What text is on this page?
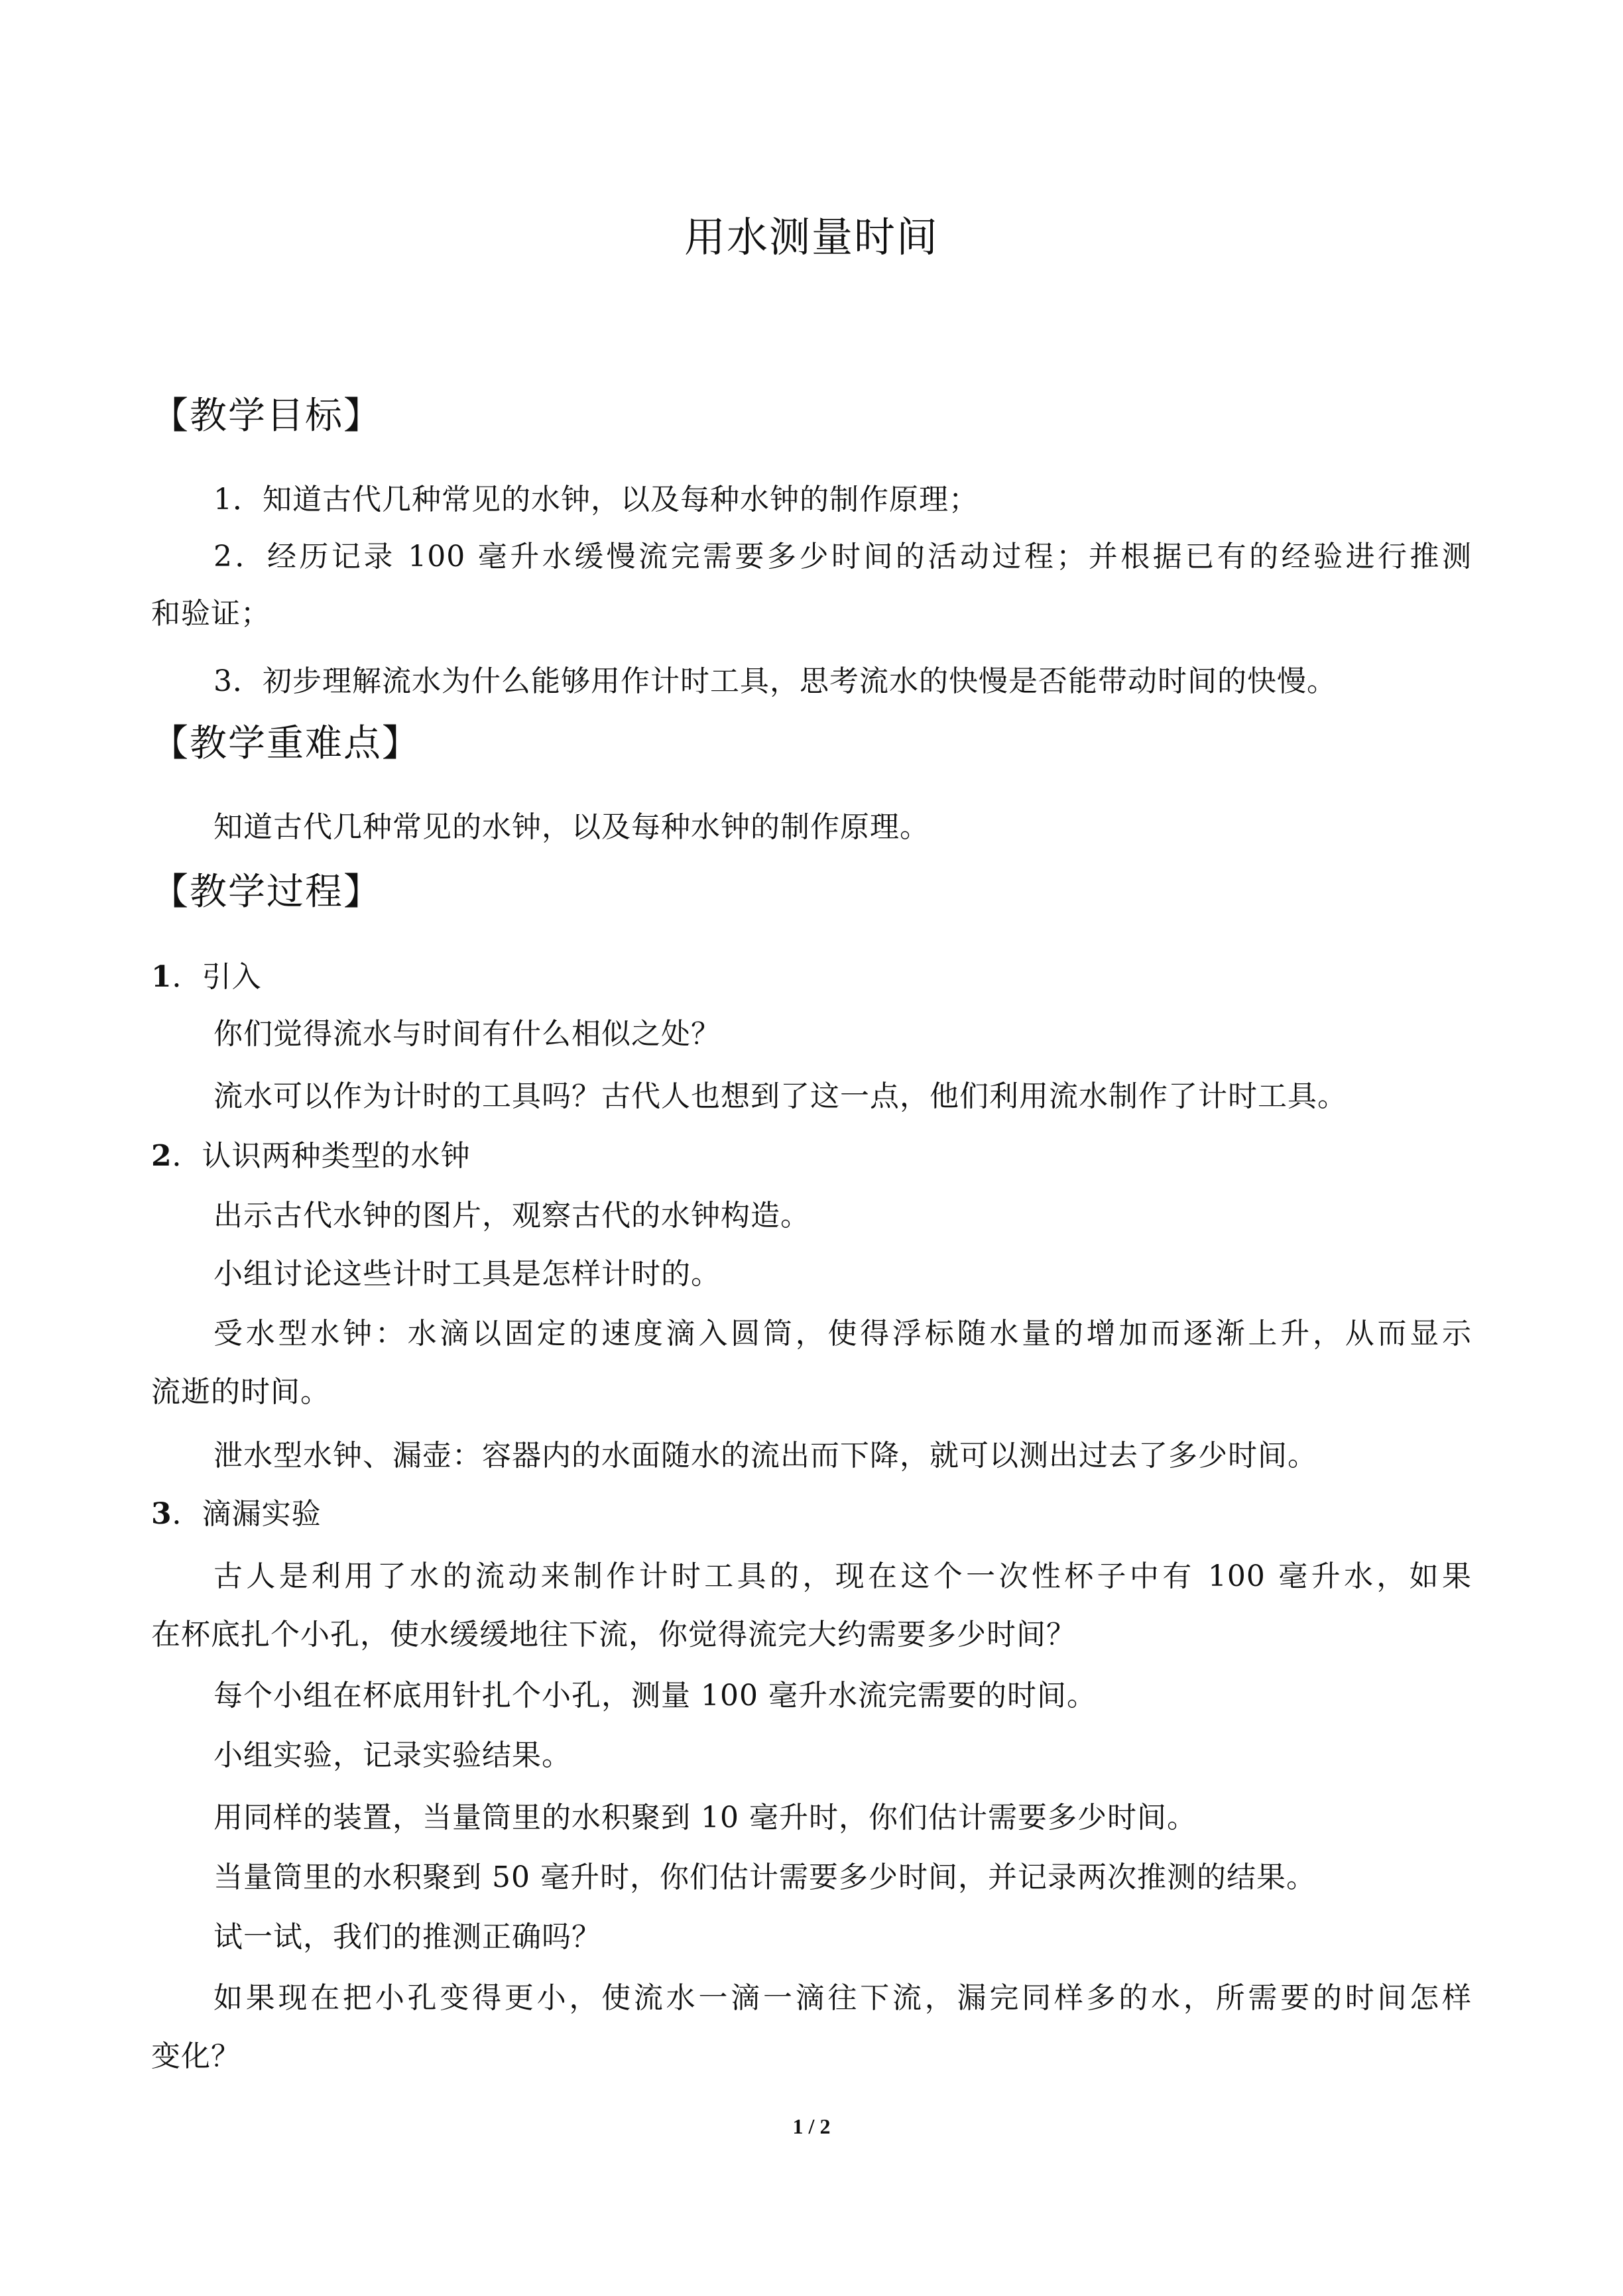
用水测量时间
【教学目标】
1．知道古代几种常见的水钟，以及每种水钟的制作原理；
2．经历记录 100 毫升水缓慢流完需要多少时间的活动过程；并根据已有的经验进行推测
和验证；
3．初步理解流水为什么能够用作计时工具，思考流水的快慢是否能带动时间的快慢。
【教学重难点】
知道古代几种常见的水钟，以及每种水钟的制作原理。
【教学过程】
1．引入
你们觉得流水与时间有什么相似之处？
流水可以作为计时的工具吗？古代人也想到了这一点，他们利用流水制作了计时工具。
2．认识两种类型的水钟
出示古代水钟的图片，观察古代的水钟构造。
小组讨论这些计时工具是怎样计时的。
受水型水钟：水滴以固定的速度滴入圆筒，使得浮标随水量的增加而逐渐上升，从而显示
流逝的时间。
泄水型水钟、漏壶：容器内的水面随水的流出而下降，就可以测出过去了多少时间。
3．滴漏实验
古人是利用了水的流动来制作计时工具的，现在这个一次性杯子中有 100 毫升水，如果
在杯底扎个小孔，使水缓缓地往下流，你觉得流完大约需要多少时间？
每个小组在杯底用针扎个小孔，测量 100 毫升水流完需要的时间。
小组实验，记录实验结果。
用同样的装置，当量筒里的水积聚到 10 毫升时，你们估计需要多少时间。
当量筒里的水积聚到 50 毫升时，你们估计需要多少时间，并记录两次推测的结果。
试一试，我们的推测正确吗？
如果现在把小孔变得更小，使流水一滴一滴往下流，漏完同样多的水，所需要的时间怎样
变化？
1 / 2
